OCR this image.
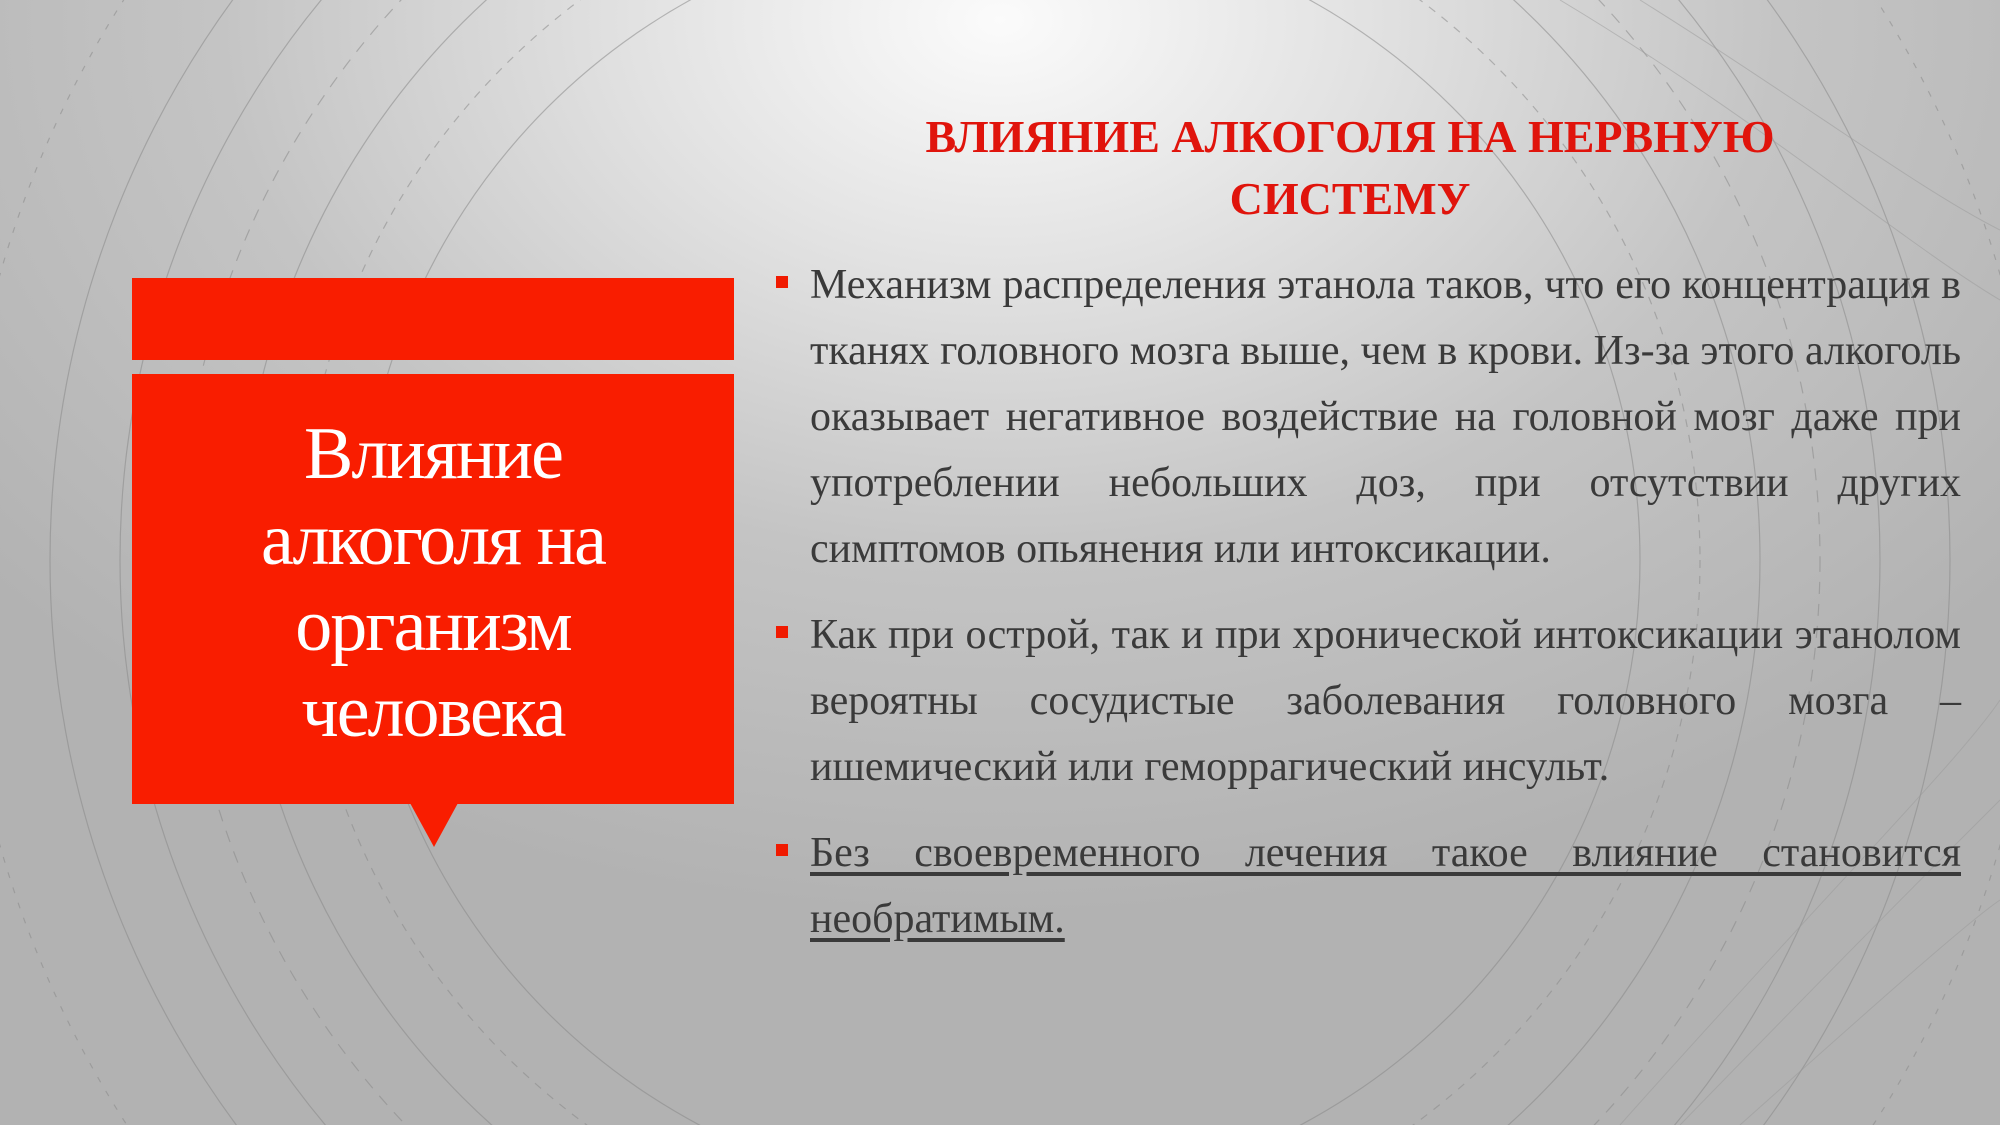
Влияние алкоголя на организм человека
ВЛИЯНИЕ АЛКОГОЛЯ НА НЕРВНУЮ СИСТЕМУ
Механизм распределения этанола таков, что его концентрация в тканях головного мозга выше, чем в крови. Из-за этого алкоголь оказывает негативное воздействие на головной мозг даже при употреблении небольших доз, при отсутствии других симптомов опьянения или интоксикации.
Как при острой, так и при хронической интоксикации этанолом вероятны сосудистые заболевания головного мозга – ишемический или геморрагический инсульт.
Без своевременного лечения такое влияние становится необратимым.
